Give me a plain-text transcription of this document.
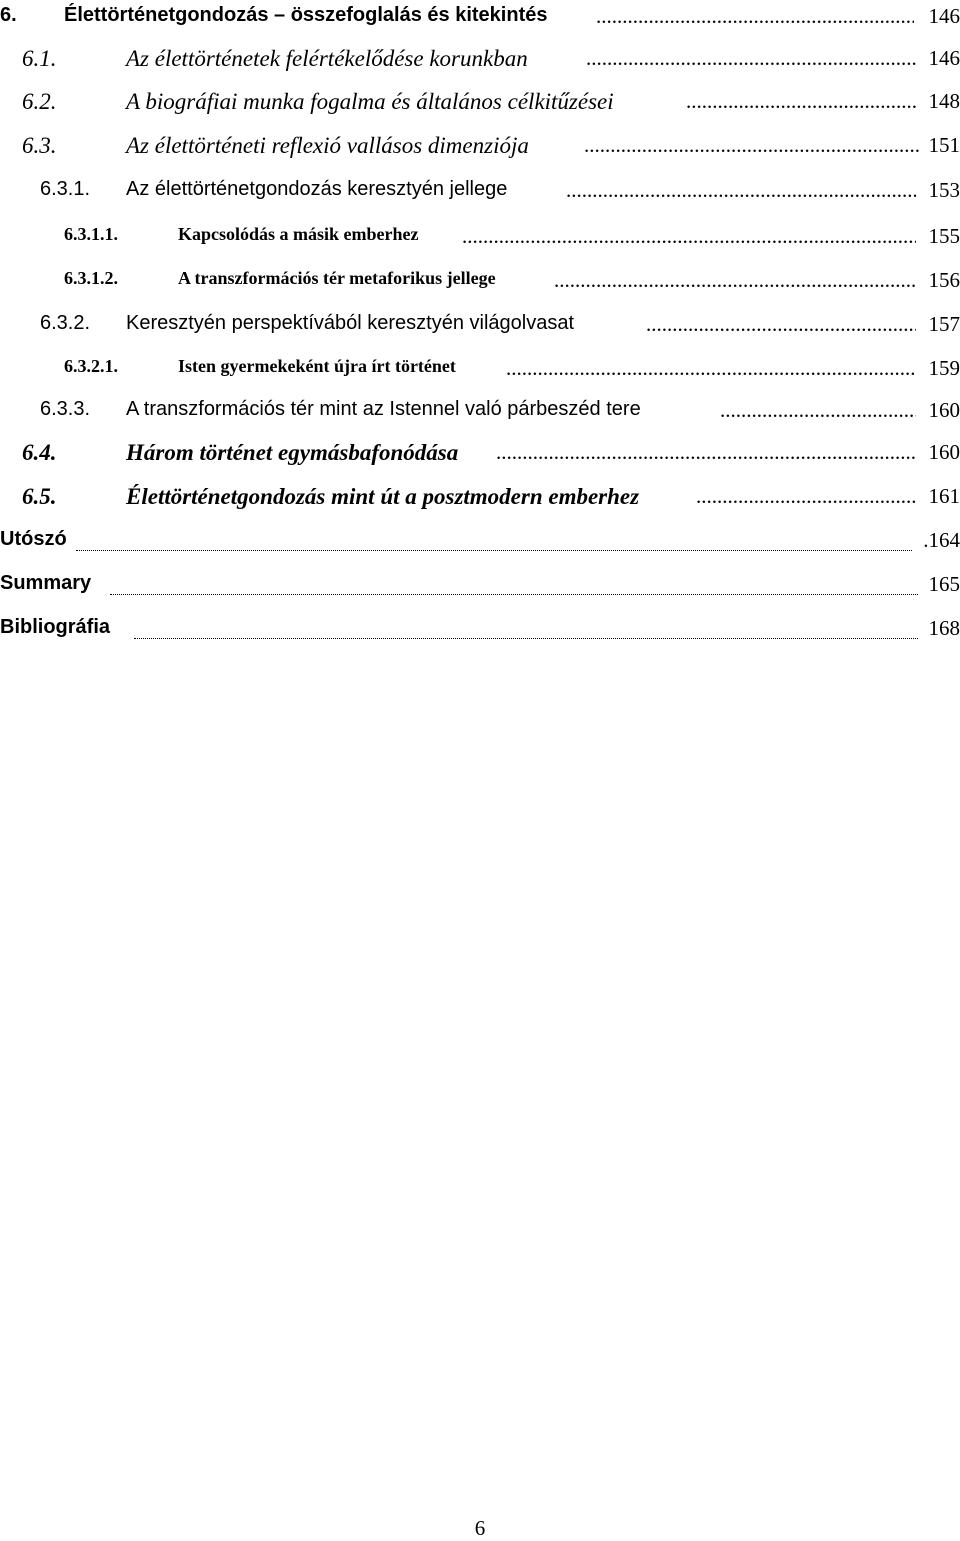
6. Élettörténetgondozás – összefoglalás és kitekintés .....	146
6.1.	Az élettörténetek felértékelődése korunkban .....	146
6.2.	A biográfiai munka fogalma és általános célkitűzései .....	148
6.3.	Az élettörténeti reflexió vallásos dimenziója .....	151
6.3.1. Az élettörténetgondozás keresztyén jellege .....	153
6.3.1.1.	Kapcsolódás a másik emberhez .....	155
6.3.1.2.	A transzformációs tér metaforikus jellege .....	156
6.3.2. Keresztyén perspektívából keresztyén világolvasat .....	157
6.3.2.1.	Isten gyermekeként újra írt történet .....	159
6.3.3. A transzformációs tér mint az Istennel való párbeszéd tere .....	160
6.4.	Három történet egymásbafonódása .....	160
6.5.	Élettörténetgondozás mint út a posztmodern emberhez .....	161
Utószó	.164
Summary	165
Bibliográfia	168
6
